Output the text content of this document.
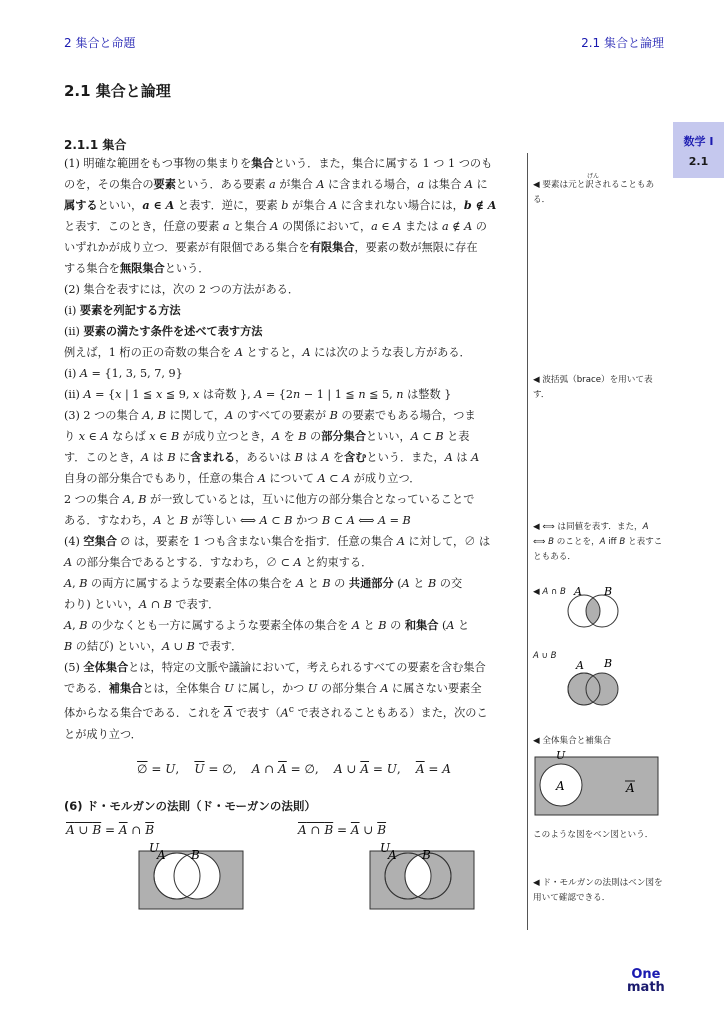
2 集合と命題	2.1 集合と論理
2.1 集合と論理
2.1.1 集合	数学 I
2.1

(1) 明確な範囲をもつ事物の集まりを集合という．また，集合に属する 1 つ 1 つのも

のを，その集合の要素という．ある要素 a が集合 A に含まれる場合，a は集合 A に

属するといい，a ∈ A と表す．逆に，要素 b が集合 A に含まれない場合には，b ∉ A

と表す．このとき，任意の要素 a と集合 A の関係において，a ∈ A または a ∉ A の

いずれかが成り立つ．要素が有限個である集合を有限集合，要素の数が無限に存在

する集合を無限集合という．

(2) 集合を表すには，次の 2 つの方法がある．

(i) 要素を列記する方法

(ii) 要素の満たす条件を述べて表す方法

例えば，1 桁の正の奇数の集合を A とすると，A には次のような表し方がある．

(i) A = {1, 3, 5, 7, 9}

(ii) A = {x | 1 ≦ x ≦ 9, x は奇数 }, A = {2n − 1 | 1 ≦ n ≦ 5, n は整数 }

(3) 2 つの集合 A, B に関して，A のすべての要素が B の要素でもある場合，つま

り x ∈ A ならば x ∈ B が成り立つとき，A を B の部分集合といい，A ⊂ B と表

す．このとき，A は B に含まれる，あるいは B は A を含むという．また，A は A

自身の部分集合でもあり，任意の集合 A について A ⊂ A が成り立つ．

2 つの集合 A, B が一致しているとは，互いに他方の部分集合となっていることで

ある．すなわち，A と B が等しい ⟺ A ⊂ B かつ B ⊂ A ⟺ A = B

(4) 空集合 ∅ は，要素を 1 つも含まない集合を指す．任意の集合 A に対して，∅ は

A の部分集合であるとする．すなわち，∅ ⊂ A と約束する．

A, B の両方に属するような要素全体の集合を A と B の 共通部分 (A と B の交

わり) といい，A ∩ B で表す．

A, B の少なくとも一方に属するような要素全体の集合を A と B の 和集合 (A と

B の結び) といい，A ∪ B で表す．

(5) 全体集合とは，特定の文脈や議論において，考えられるすべての要素を含む集合

である．補集合とは，全体集合 U に属し，かつ U の部分集合 A に属さない要素全

体からなる集合である．これを $\overline{A}$ で表す（$A^c$ で表されることもある）また，次のこ

とが成り立つ．

∅ = U,    $\overline{U}$ = ∅,    A ∩ $\overline{A}$ = ∅,    A ∪ $\overline{A} = U$,    A = A
(6) ド・モルガンの法則（ド・モーガンの法則）
A ∪ $B = \overline{A}$ ∩ $\overline{B}$	A ∩ $B = \overline{A}$ ∪ $\overline{B}$
U
A B	U
A B
◀ 要素は元と訳されることもある．
げん
◀ 波括弧（brace）を用いて表す．
◀ ⟺ は同値を表す．また，A ⟺ B のことを，A iff B と表すこともある．
◀ A ∩ B A B
A ∪ B
A B
◀ 全体集合と補集合
U
A	A
このような図をベン図という．
◀ ド・モルガンの法則はベン図を用いて確認できる．
One
math
